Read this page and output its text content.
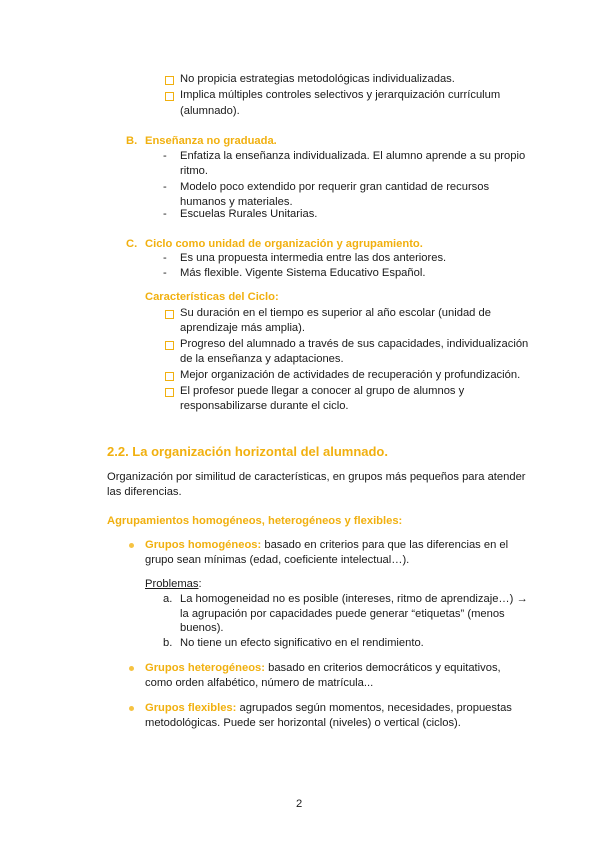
No propicia estrategias metodológicas individualizadas.
Implica múltiples controles selectivos y jerarquización currículum
(alumnado).
B. Enseñanza no graduada.
- Enfatiza la enseñanza individualizada. El alumno aprende a su propio
ritmo.
- Modelo poco extendido por requerir gran cantidad de recursos
humanos y materiales.
- Escuelas Rurales Unitarias.
C. Ciclo como unidad de organización y agrupamiento.
- Es una propuesta intermedia entre las dos anteriores.
- Más flexible. Vigente Sistema Educativo Español.
Características del Ciclo:
Su duración en el tiempo es superior al año escolar (unidad de
aprendizaje más amplia).
Progreso del alumnado a través de sus capacidades, individualización
de la enseñanza y adaptaciones.
Mejor organización de actividades de recuperación y profundización.
El profesor puede llegar a conocer al grupo de alumnos y
responsabilizarse durante el ciclo.
2.2. La organización horizontal del alumnado.
Organización por similitud de características, en grupos más pequeños para atender
las diferencias.
Agrupamientos homogéneos, heterogéneos y flexibles:
Grupos homogéneos: basado en criterios para que las diferencias en el
grupo sean mínimas (edad, coeficiente intelectual…).
Problemas:
a. La homogeneidad no es posible (intereses, ritmo de aprendizaje…) →
la agrupación por capacidades puede generar “etiquetas” (menos
buenos).
b. No tiene un efecto significativo en el rendimiento.
Grupos heterogéneos: basado en criterios democráticos y equitativos,
como orden alfabético, número de matrícula...
Grupos flexibles: agrupados según momentos, necesidades, propuestas
metodológicas. Puede ser horizontal (niveles) o vertical (ciclos).
2
